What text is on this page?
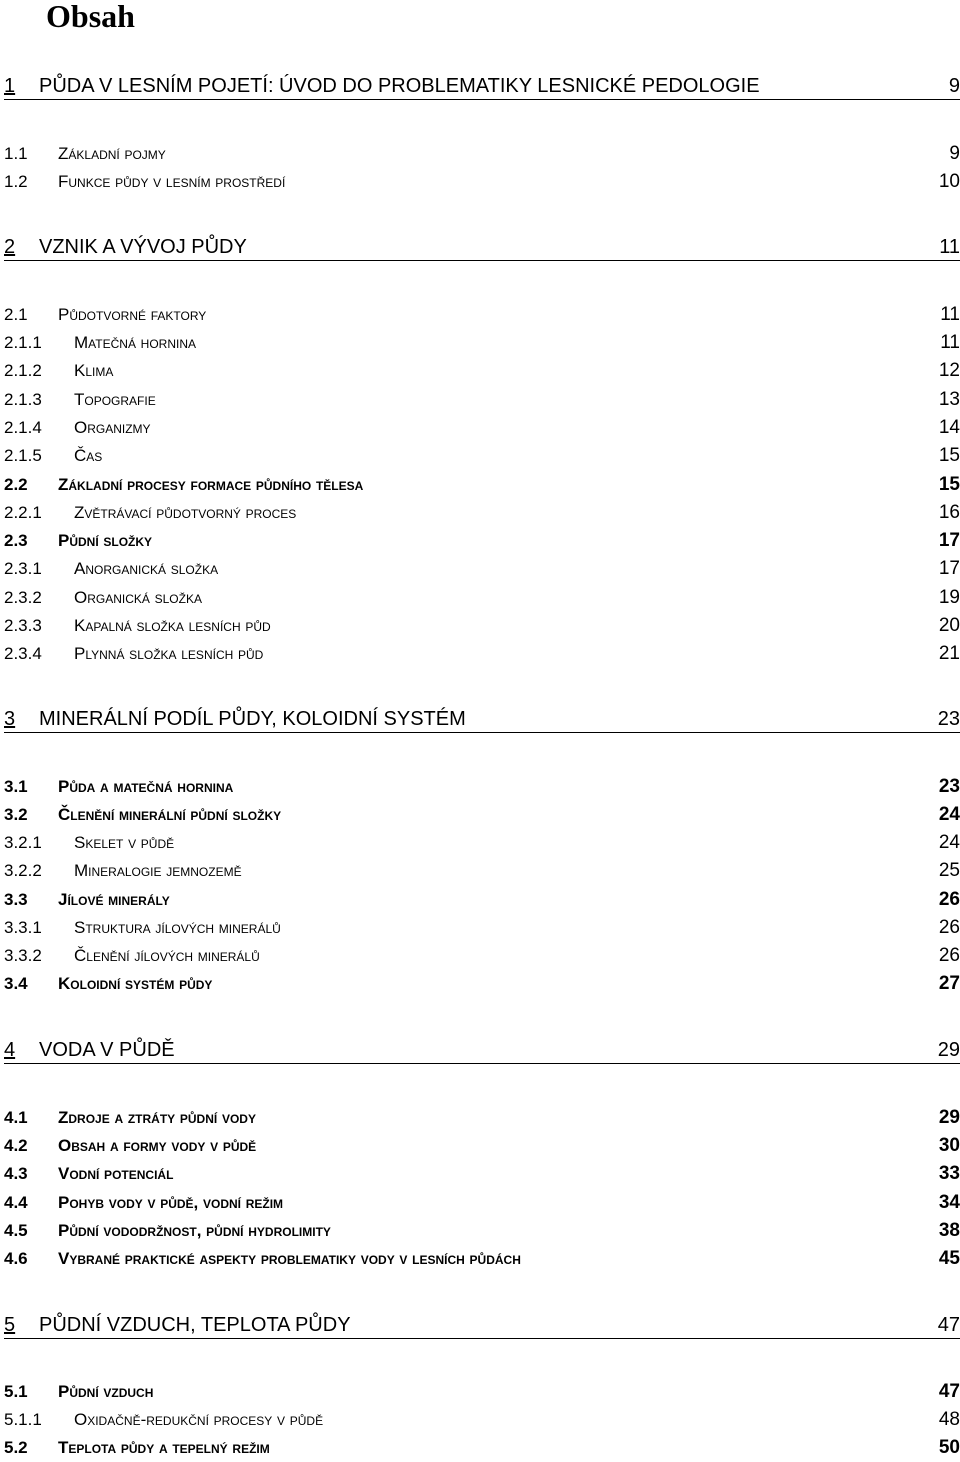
Obsah
1 PŮDA V LESNÍM POJETÍ: ÚVOD DO PROBLEMATIKY LESNICKÉ PEDOLOGIE	9
1.1 Základní pojmy	9
1.2 Funkce půdy v lesním prostředí	10
2 VZNIK A VÝVOJ PŮDY	11
2.1 Půdotvorné faktory	11
2.1.1 Matečná hornina	11
2.1.2 Klima	12
2.1.3 Topografie	13
2.1.4 Organizmy	14
2.1.5 Čas	15
2.2 Základní procesy formace půdního tělesa	15
2.2.1 Zvětrávací půdotvorný proces	16
2.3 Půdní složky	17
2.3.1 Anorganická složka	17
2.3.2 Organická složka	19
2.3.3 Kapalná složka lesních půd	20
2.3.4 Plynná složka lesních půd	21
3 MINERÁLNÍ PODÍL PŮDY, KOLOIDNÍ SYSTÉM	23
3.1 Půda a matečná hornina	23
3.2 Členění minerální půdní složky	24
3.2.1 Skelet v půdě	24
3.2.2 Mineralogie jemnozemě	25
3.3 Jílové minerály	26
3.3.1 Struktura jílových minerálů	26
3.3.2 Členění jílových minerálů	26
3.4 Koloidní systém půdy	27
4 VODA V PŮDĚ	29
4.1 Zdroje a ztráty půdní vody	29
4.2 Obsah a formy vody v půdě	30
4.3 Vodní potenciál	33
4.4 Pohyb vody v půdě, vodní režim	34
4.5 Půdní vododržnost, půdní hydrolimity	38
4.6 Vybrané praktické aspekty problematiky vody v lesních půdách	45
5 PŮDNÍ VZDUCH, TEPLOTA PŮDY	47
5.1 Půdní vzduch	47
5.1.1 Oxidačně-redukční procesy v půdě	48
5.2 Teplota půdy a tepelný režim	50
